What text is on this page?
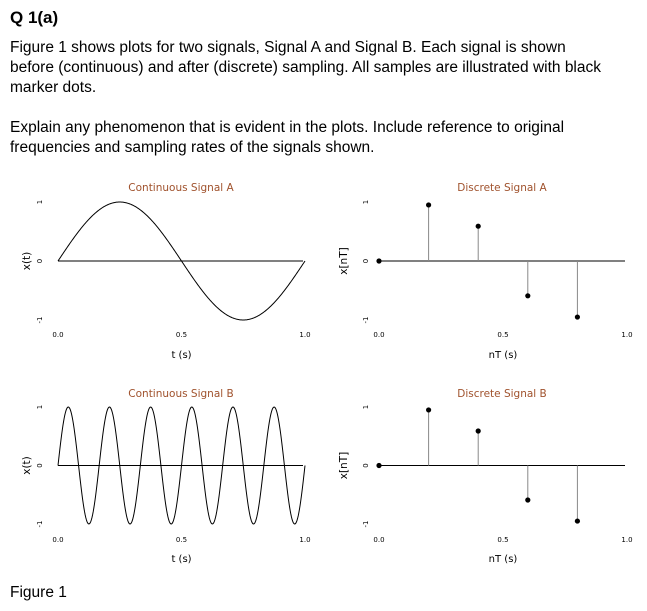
Q 1(a)

Figure 1 shows plots for two signals, Signal A and Signal B. Each signal is shown before (continuous) and after (discrete) sampling. All samples are illustrated with black marker dots.

Explain any phenomenon that is evident in the plots. Include reference to original frequencies and sampling rates of the signals shown.

Continuous Signal A
x(t)
1
0
-1
0.0	0.5	1.0
t (s)
Discrete Signal A
x[nT]
1
0
-1
0.0	0.5	1.0
nT (s)
Continuous Signal B
x(t)
1
0
-1
0.0	0.5	1.0
t (s)
Discrete Signal B
x[nT]
1
0
-1
0.0	0.5	1.0
nT (s)
Figure 1
